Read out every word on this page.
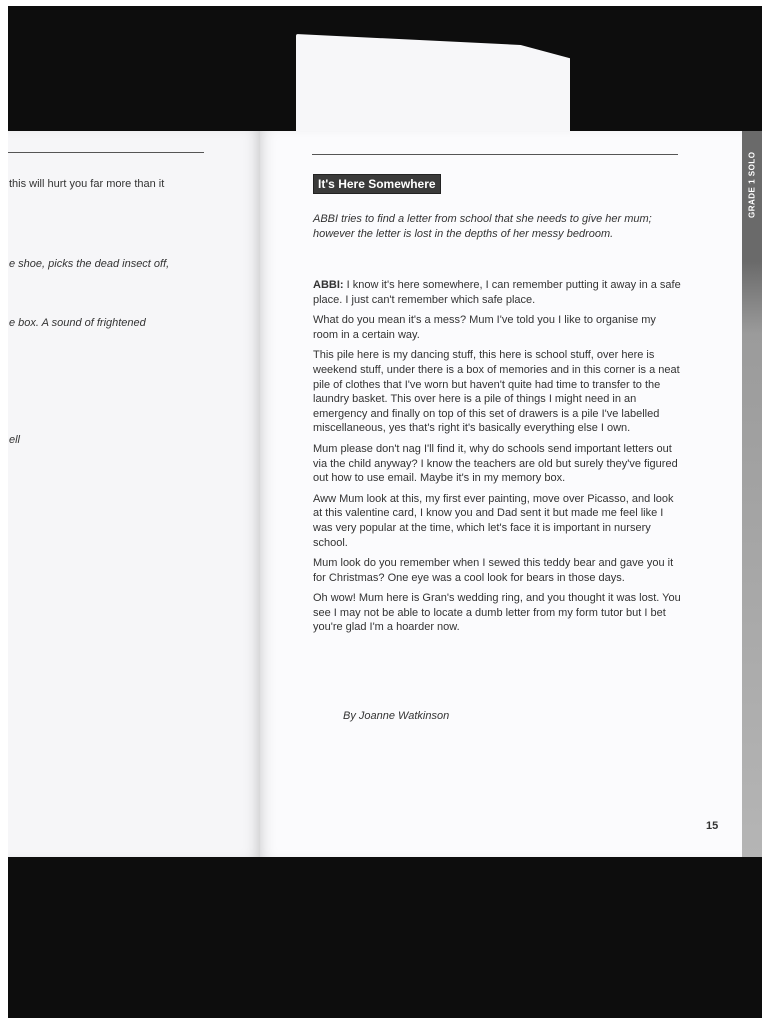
this will hurt you far more than it
e shoe, picks the dead insect off,
e box. A sound of frightened
ell
GRADE 1 SOLO
It's Here Somewhere
ABBI tries to find a letter from school that she needs to give her mum; however the letter is lost in the depths of her messy bedroom.

ABBI: I know it's here somewhere, I can remember putting it away in a safe place. I just can't remember which safe place.

What do you mean it's a mess? Mum I've told you I like to organise my room in a certain way.

This pile here is my dancing stuff, this here is school stuff, over here is weekend stuff, under there is a box of memories and in this corner is a neat pile of clothes that I've worn but haven't quite had time to transfer to the laundry basket. This over here is a pile of things I might need in an emergency and finally on top of this set of drawers is a pile I've labelled miscellaneous, yes that's right it's basically everything else I own.

Mum please don't nag I'll find it, why do schools send important letters out via the child anyway? I know the teachers are old but surely they've figured out how to use email. Maybe it's in my memory box.

Aww Mum look at this, my first ever painting, move over Picasso, and look at this valentine card, I know you and Dad sent it but made me feel like I was very popular at the time, which let's face it is important in nursery school.

Mum look do you remember when I sewed this teddy bear and gave you it for Christmas? One eye was a cool look for bears in those days.

Oh wow! Mum here is Gran's wedding ring, and you thought it was lost. You see I may not be able to locate a dumb letter from my form tutor but I bet you're glad I'm a hoarder now.

By Joanne Watkinson
15
